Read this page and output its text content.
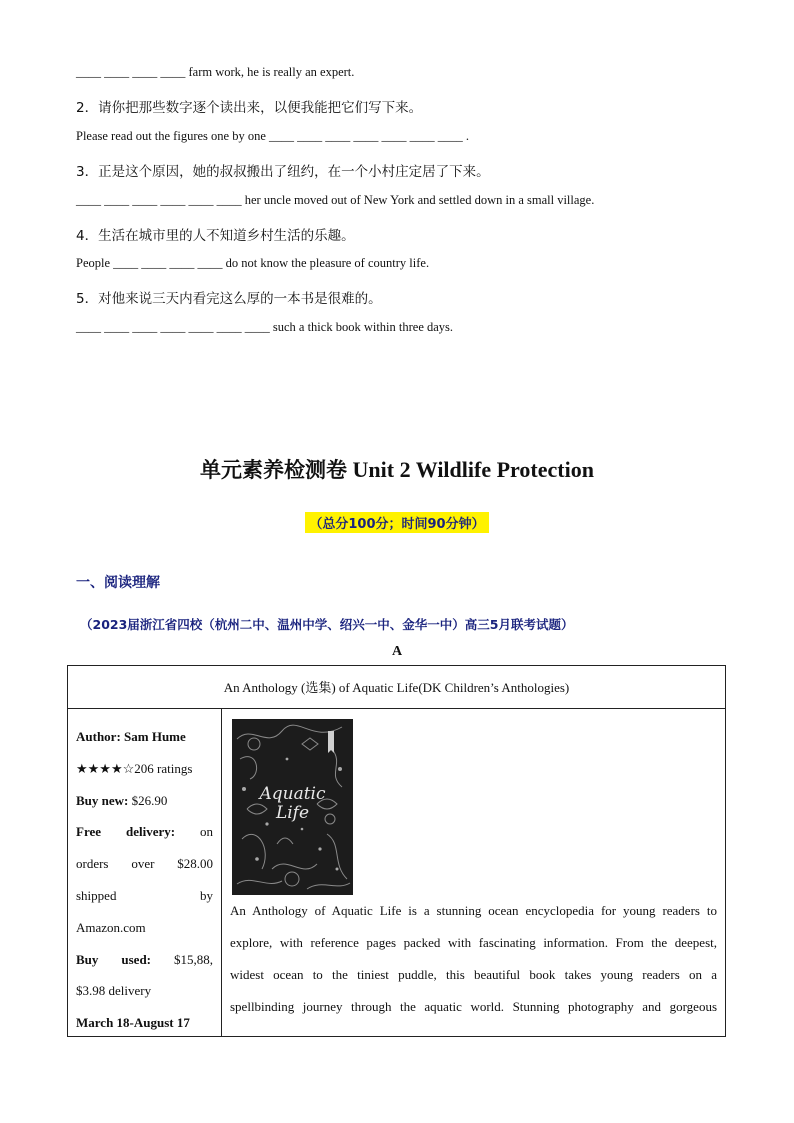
____ ____ ____ ____ farm work, he is really an expert.
2．请你把那些数字逐个读出来，以便我能把它们写下来。
Please read out the figures one by one ____ ____ ____ ____ ____ ____ ____ .
3．正是这个原因，她的叔叔搬出了纽约，在一个小村庄定居了下来。
____ ____ ____ ____ ____ ____ her uncle moved out of New York and settled down in a small village.
4．生活在城市里的人不知道乡村生活的乐趣。
People ____ ____ ____ ____ do not know the pleasure of country life.
5．对他来说三天内看完这么厚的一本书是很难的。
____ ____ ____ ____ ____ ____ ____ such a thick book within three days.
单元素养检测卷 Unit 2 Wildlife Protection
（总分100分；时间90分钟）
一、阅读理解
（2023届浙江省四校（杭州二中、温州中学、绍兴一中、金华一中）高三5月联考试题）
A
An Anthology (选集) of Aquatic Life(DK Children’s Anthologies)
Author: Sam Hume
★★★★☆206 ratings
Buy new: $26.90
Free delivery: on
orders over $28.00
shipped	by
Amazon.com
Buy used: $15,88,
$3.98 delivery
March 18-August 17
Aquatic
Life
An Anthology of Aquatic Life is a stunning ocean encyclopedia for young readers to
explore, with reference pages packed with fascinating information. From the deepest,
widest ocean to the tiniest puddle, this beautiful book takes young readers on a
spellbinding journey through the aquatic world. Stunning photography and gorgeous
